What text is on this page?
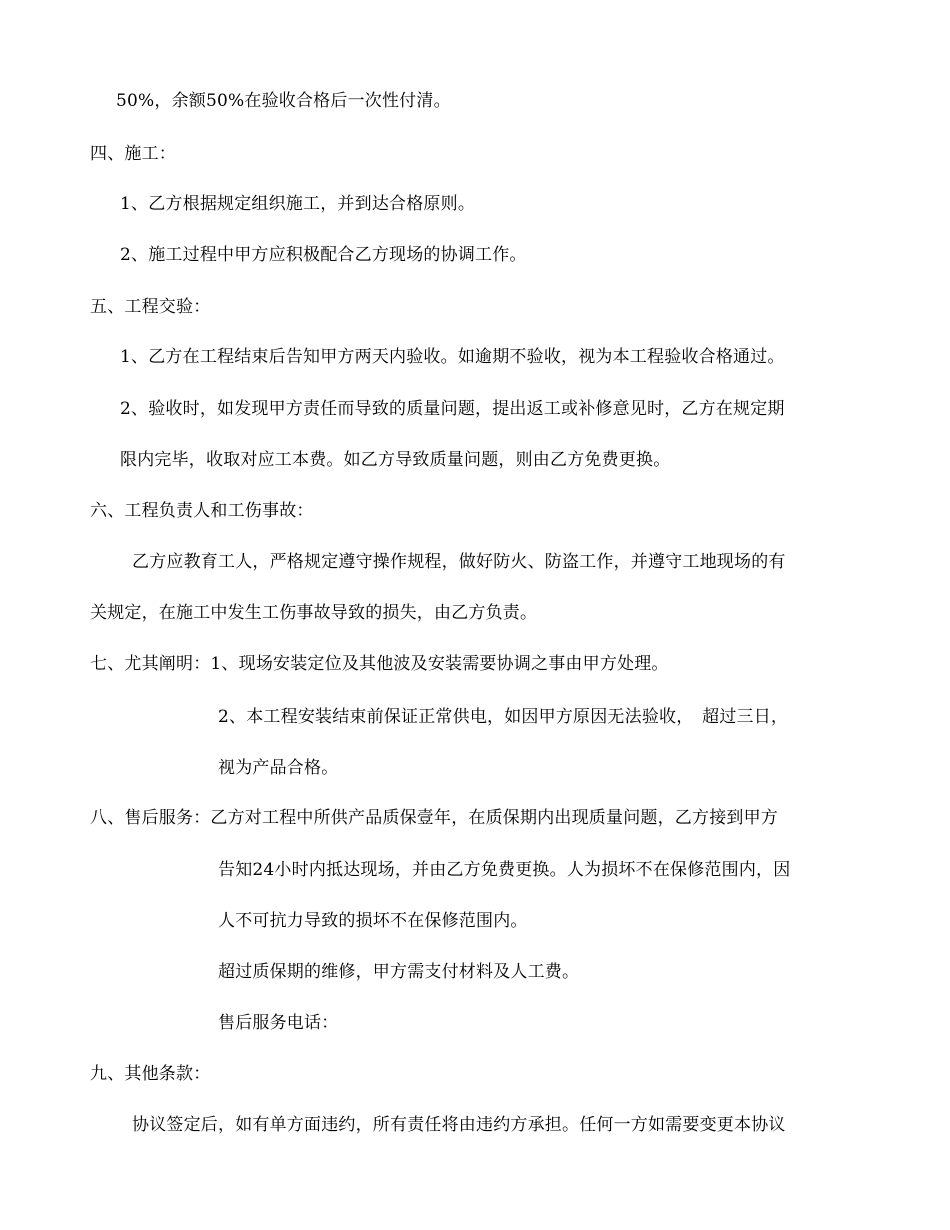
50%，余额50%在验收合格后一次性付清。
四、施工：
1、乙方根据规定组织施工，并到达合格原则。
2、施工过程中甲方应积极配合乙方现场的协调工作。
五、工程交验：
1、乙方在工程结束后告知甲方两天内验收。如逾期不验收，视为本工程验收合格通过。
2、验收时，如发现甲方责任而导致的质量问题，提出返工或补修意见时，乙方在规定期
限内完毕，收取对应工本费。如乙方导致质量问题，则由乙方免费更换。
六、工程负责人和工伤事故：
乙方应教育工人，严格规定遵守操作规程，做好防火、防盗工作，并遵守工地现场的有
关规定，在施工中发生工伤事故导致的损失，由乙方负责。
七、尤其阐明：1、现场安装定位及其他波及安装需要协调之事由甲方处理。
2、本工程安装结束前保证正常供电，如因甲方原因无法验收，　超过三日，
视为产品合格。
八、售后服务：乙方对工程中所供产品质保壹年，在质保期内出现质量问题，乙方接到甲方
告知24小时内抵达现场，并由乙方免费更换。人为损坏不在保修范围内，因
人不可抗力导致的损坏不在保修范围内。
超过质保期的维修，甲方需支付材料及人工费。
售后服务电话：
九、其他条款：
协议签定后，如有单方面违约，所有责任将由违约方承担。任何一方如需要变更本协议
